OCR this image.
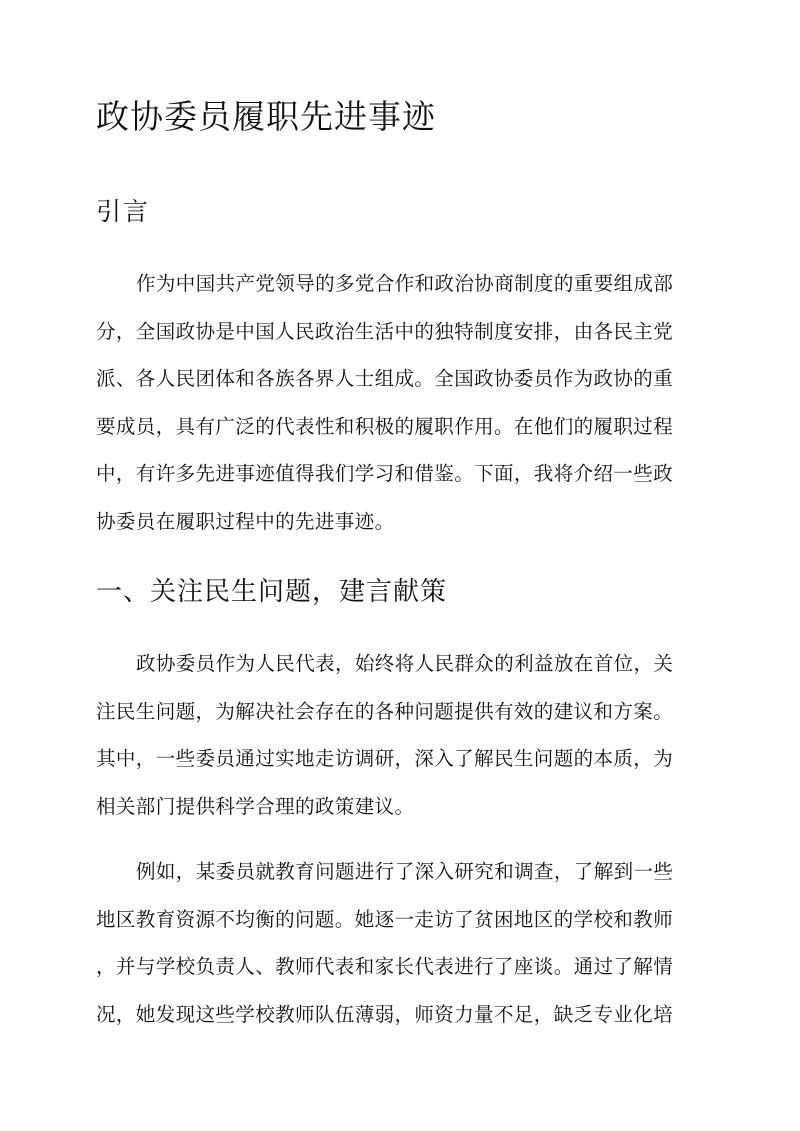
政协委员履职先进事迹
引言

作为中国共产党领导的多党合作和政治协商制度的重要组成部
分，全国政协是中国人民政治生活中的独特制度安排，由各民主党
派、各人民团体和各族各界人士组成。全国政协委员作为政协的重
要成员，具有广泛的代表性和积极的履职作用。在他们的履职过程
中，有许多先进事迹值得我们学习和借鉴。下面，我将介绍一些政
协委员在履职过程中的先进事迹。

一、关注民生问题，建言献策

政协委员作为人民代表，始终将人民群众的利益放在首位，关
注民生问题，为解决社会存在的各种问题提供有效的建议和方案。
其中，一些委员通过实地走访调研，深入了解民生问题的本质，为
相关部门提供科学合理的政策建议。

例如，某委员就教育问题进行了深入研究和调查，了解到一些
地区教育资源不均衡的问题。她逐一走访了贫困地区的学校和教师
，并与学校负责人、教师代表和家长代表进行了座谈。通过了解情
况，她发现这些学校教师队伍薄弱，师资力量不足，缺乏专业化培
